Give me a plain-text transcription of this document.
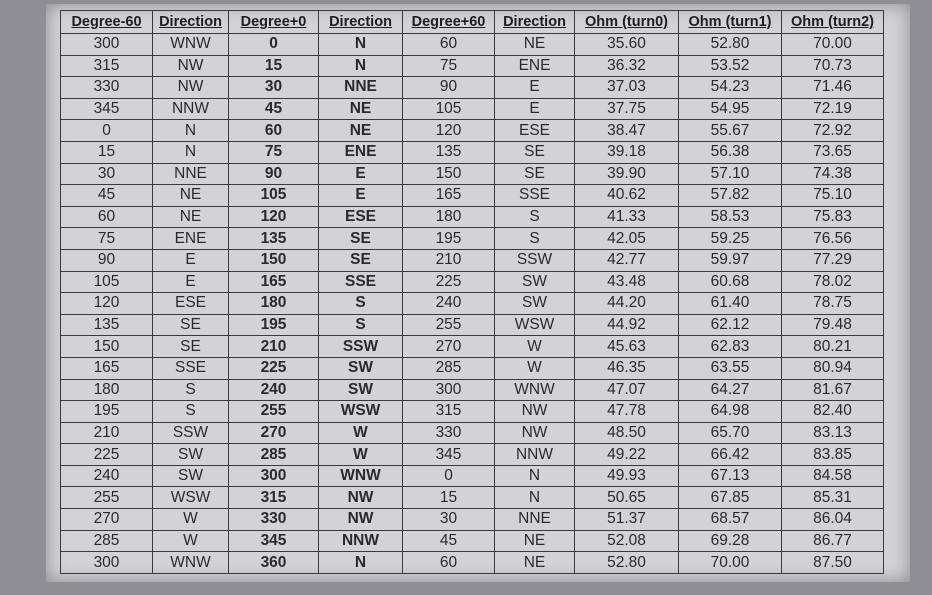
Degree-60	Direction	Degree+0	Direction	Degree+60	Direction	Ohm (turn0)	Ohm (turn1)	Ohm (turn2)
300	WNW	0	N	60	NE	35.60	52.80	70.00
315	NW	15	N	75	ENE	36.32	53.52	70.73
330	NW	30	NNE	90	E	37.03	54.23	71.46
345	NNW	45	NE	105	E	37.75	54.95	72.19
0	N	60	NE	120	ESE	38.47	55.67	72.92
15	N	75	ENE	135	SE	39.18	56.38	73.65
30	NNE	90	E	150	SE	39.90	57.10	74.38
45	NE	105	E	165	SSE	40.62	57.82	75.10
60	NE	120	ESE	180	S	41.33	58.53	75.83
75	ENE	135	SE	195	S	42.05	59.25	76.56
90	E	150	SE	210	SSW	42.77	59.97	77.29
105	E	165	SSE	225	SW	43.48	60.68	78.02
120	ESE	180	S	240	SW	44.20	61.40	78.75
135	SE	195	S	255	WSW	44.92	62.12	79.48
150	SE	210	SSW	270	W	45.63	62.83	80.21
165	SSE	225	SW	285	W	46.35	63.55	80.94
180	S	240	SW	300	WNW	47.07	64.27	81.67
195	S	255	WSW	315	NW	47.78	64.98	82.40
210	SSW	270	W	330	NW	48.50	65.70	83.13
225	SW	285	W	345	NNW	49.22	66.42	83.85
240	SW	300	WNW	0	N	49.93	67.13	84.58
255	WSW	315	NW	15	N	50.65	67.85	85.31
270	W	330	NW	30	NNE	51.37	68.57	86.04
285	W	345	NNW	45	NE	52.08	69.28	86.77
300	WNW	360	N	60	NE	52.80	70.00	87.50
